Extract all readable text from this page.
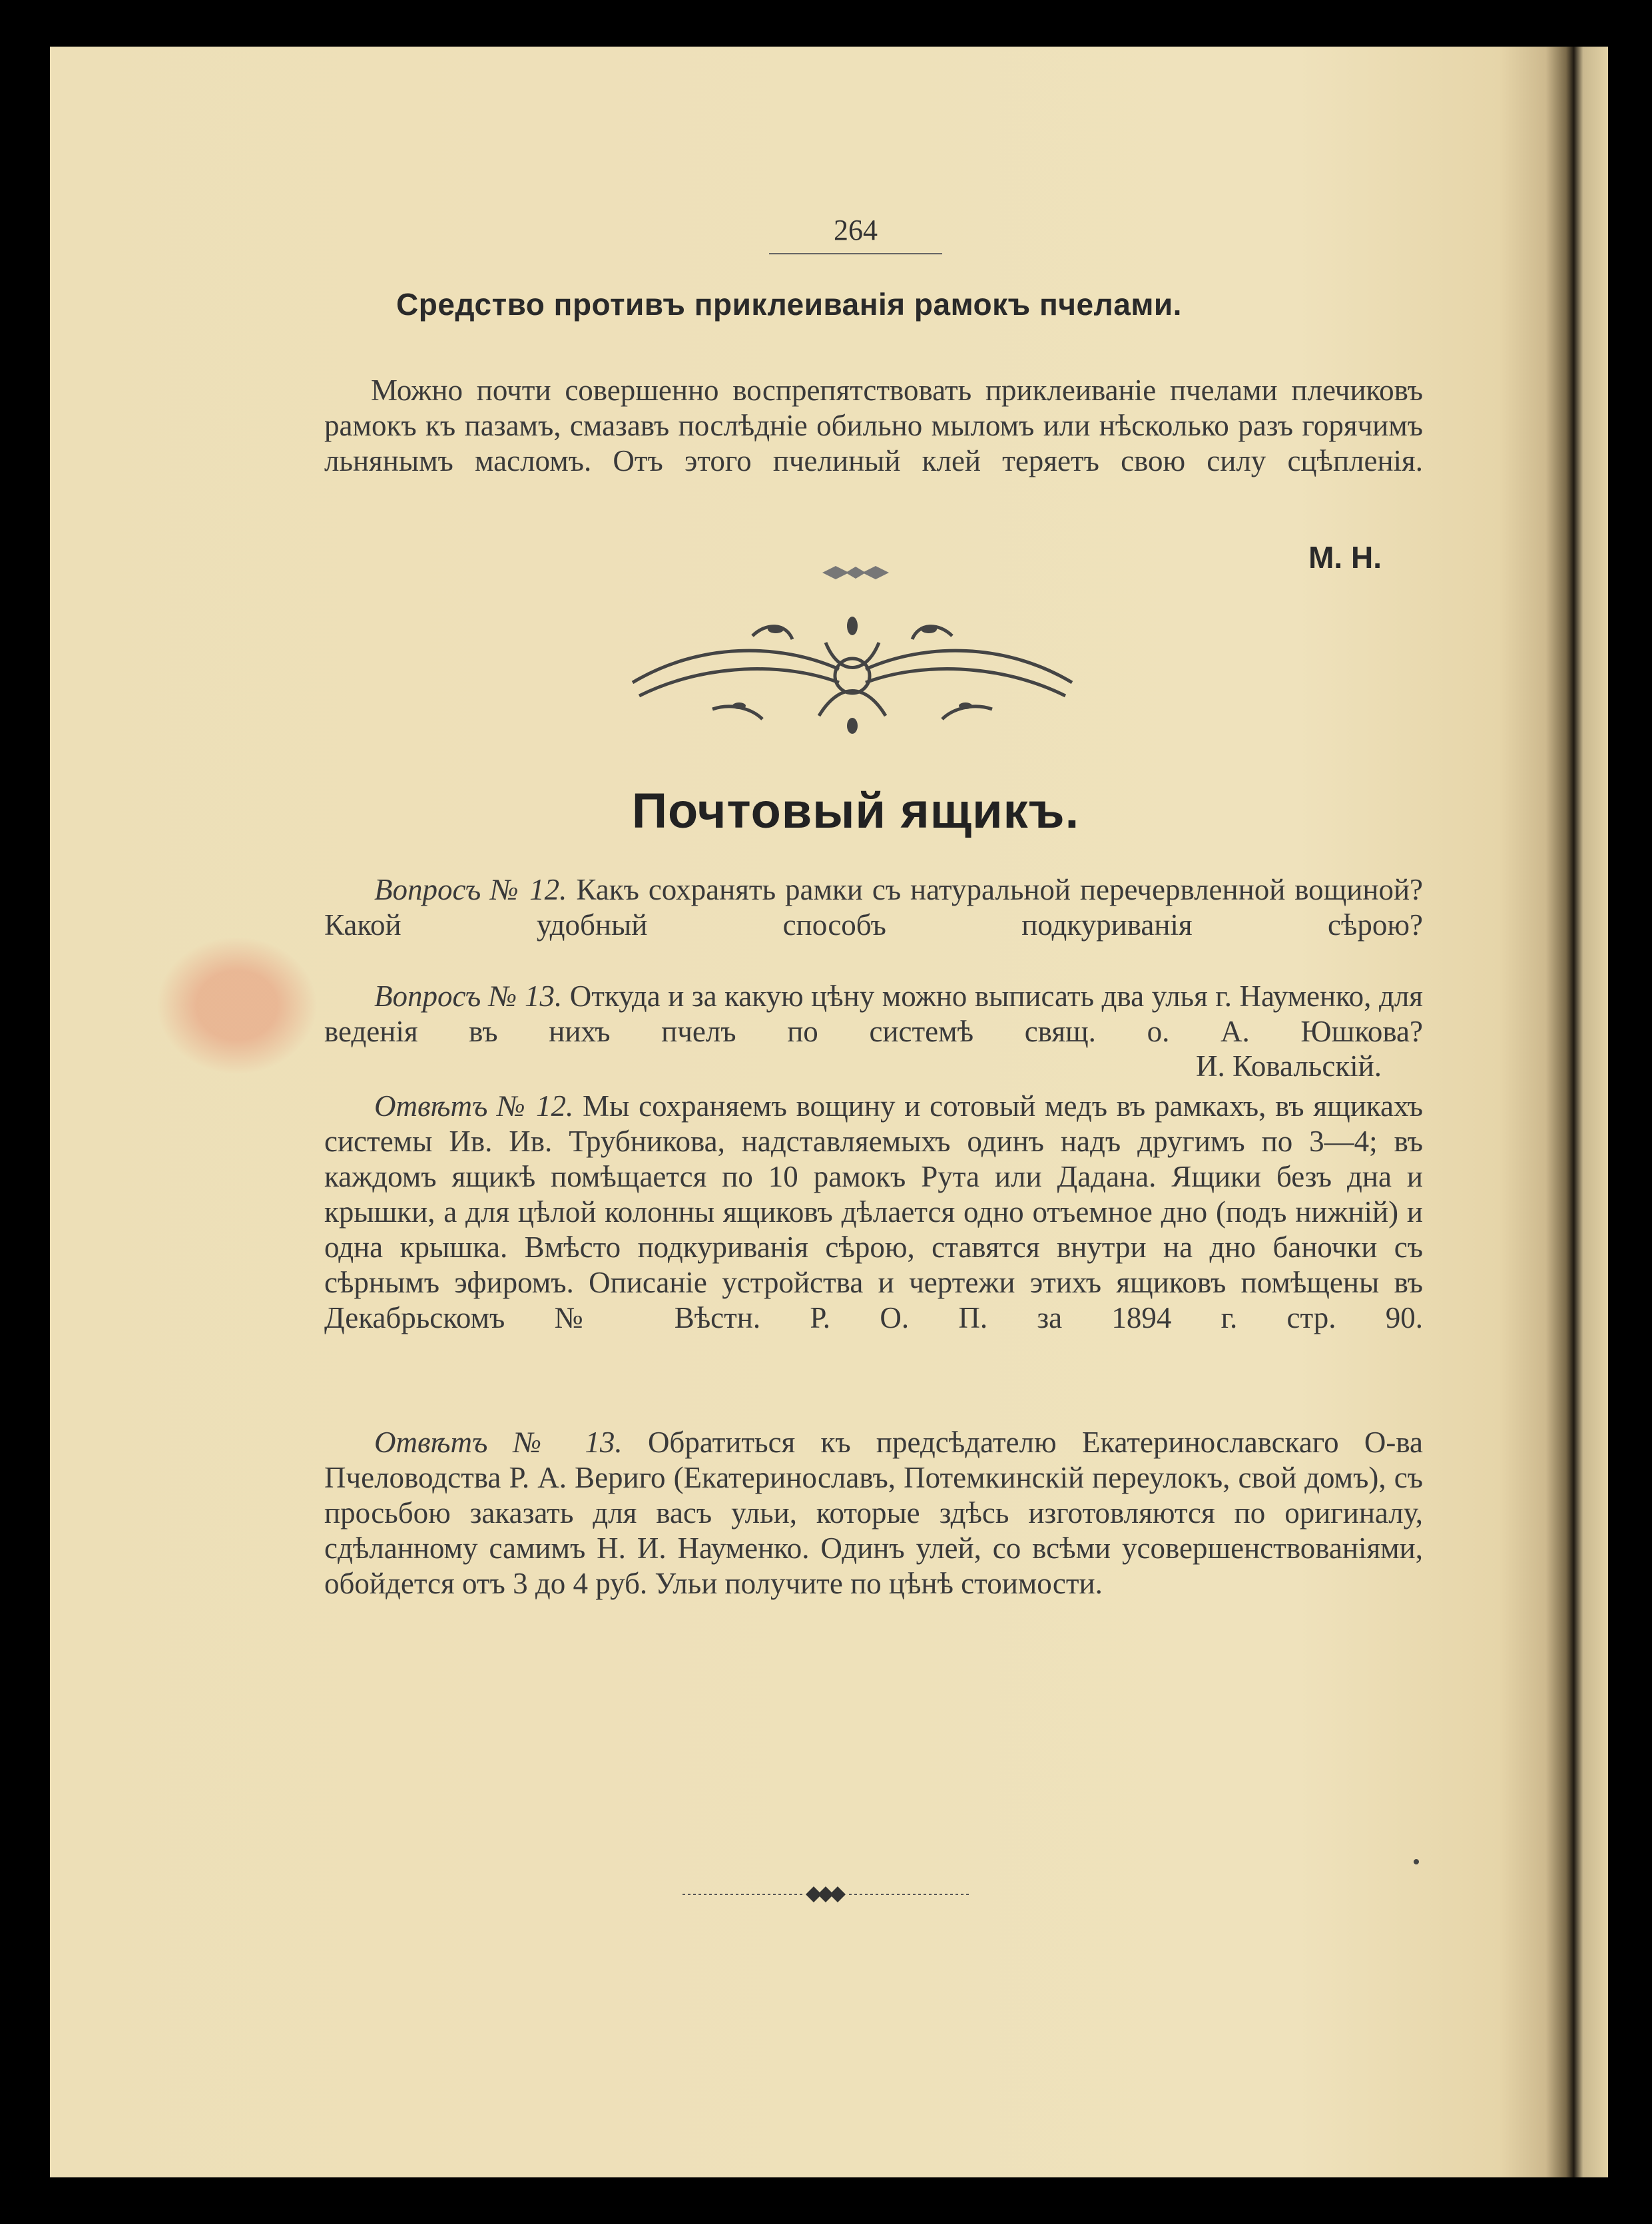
264
Средство противъ приклеиванія рамокъ пчелами.
Можно почти совершенно воспрепятствовать приклеиваніе пчелами плечиковъ рамокъ къ пазамъ, смазавъ послѣдніе обильно мыломъ или нѣсколько разъ горячимъ льнянымъ масломъ. Отъ этого пчелиный клей теряетъ свою силу сцѣпленія.
М. Н.
Почтовый ящикъ.
Вопросъ № 12. Какъ сохранять рамки съ натуральной перечервленной вощиной? Какой удобный способъ подкуриванія сѣрою?
Вопросъ № 13. Откуда и за какую цѣну можно выписать два улья г. Науменко, для веденія въ нихъ пчелъ по системѣ свящ. о. А. Юшкова?
И. Ковальскій.
Отвѣтъ № 12. Мы сохраняемъ вощину и сотовый медъ въ рамкахъ, въ ящикахъ системы Ив. Ив. Трубникова, надставляемыхъ одинъ надъ другимъ по 3—4; въ каждомъ ящикѣ помѣщается по 10 рамокъ Рута или Дадана. Ящики безъ дна и крышки, а для цѣлой колонны ящиковъ дѣлается одно отъемное дно (подъ нижній) и одна крышка. Вмѣсто подкуриванія сѣрою, ставятся внутри на дно баночки съ сѣрнымъ эфиромъ. Описаніе устройства и чертежи этихъ ящиковъ помѣщены въ Декабрьскомъ № Вѣстн. Р. О. П. за 1894 г. стр. 90.
Отвѣтъ № 13. Обратиться къ предсѣдателю Екатеринославскаго О-ва Пчеловодства Р. А. Вериго (Екатеринославъ, Потемкинскій переулокъ, свой домъ), съ просьбою заказать для васъ ульи, которые здѣсь изготовляются по оригиналу, сдѣланному самимъ Н. И. Науменко. Одинъ улей, со всѣми усовершенствованіями, обойдется отъ 3 до 4 руб. Ульи получите по цѣнѣ стоимости.
